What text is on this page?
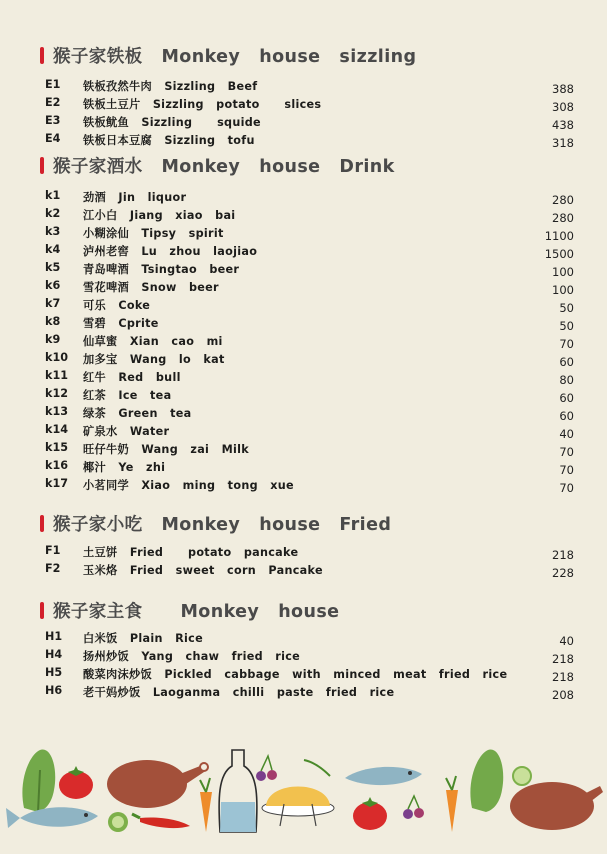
猴子家铁板  Monkey  house  sizzling
E1 铁板孜然牛肉  Sizzling  Beef	388
E2 铁板土豆片  Sizzling  potato    slices	308
E3 铁板鱿鱼  Sizzling    squide	438
E4 铁板日本豆腐  Sizzling  tofu	318
猴子家酒水  Monkey  house  Drink
k1 劲酒  Jin  liquor	280
k2 江小白  Jiang  xiao  bai	280
k3 小糊涂仙  Tipsy  spirit	1100
k4 泸州老窖  Lu  zhou  laojiao	1500
k5 青岛啤酒  Tsingtao  beer	100
k6 雪花啤酒  Snow  beer	100
k7 可乐  Coke	50
k8 雪碧  Cprite	50
k9 仙草蜜  Xian  cao  mi	70
k10 加多宝  Wang  lo  kat	60
k11 红牛  Red  bull	80
k12 红茶  Ice  tea	60
k13 绿茶  Green  tea	60
k14 矿泉水  Water	40
k15 旺仔牛奶  Wang  zai  Milk	70
k16 椰汁  Ye  zhi	70
k17 小茗同学  Xiao  ming  tong  xue	70
猴子家小吃  Monkey  house  Fried
F1 土豆饼  Fried    potato  pancake	218
F2 玉米烙  Fried  sweet  corn  Pancake	228
猴子家主食    Monkey  house
H1 白米饭  Plain  Rice	40
H4 扬州炒饭  Yang  chaw  fried  rice	218
H5 酸菜肉沫炒饭  Pickled  cabbage  with  minced  meat  fried  rice	218
H6 老干妈炒饭  Laoganma  chilli  paste  fried  rice	208
